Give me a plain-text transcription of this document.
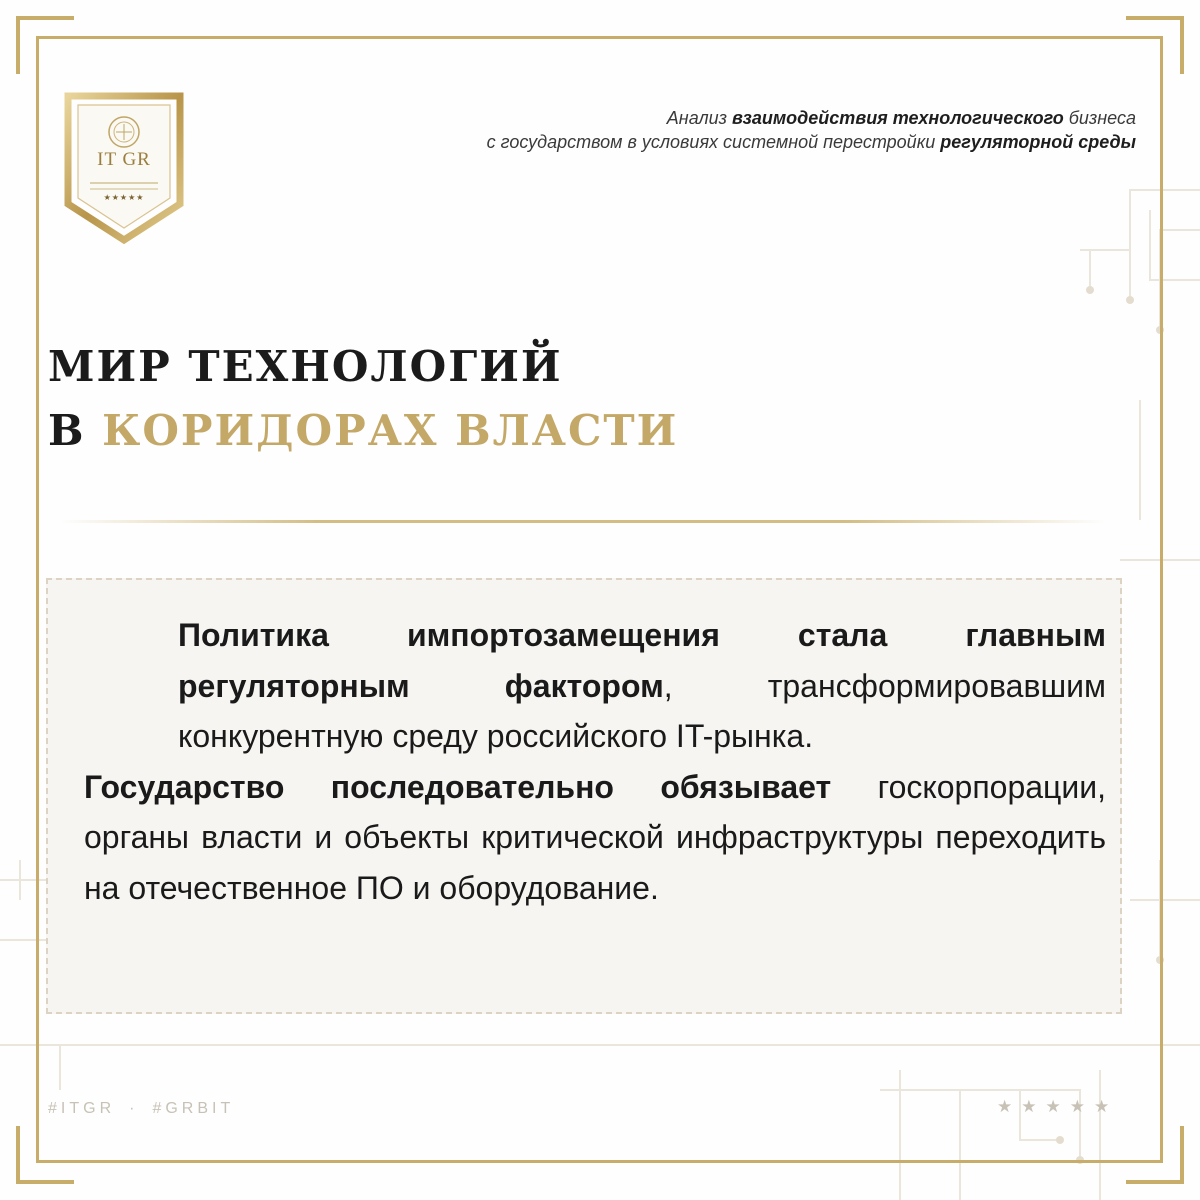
IT GR
★★★★★
Анализ взаимодействия технологического бизнеса
с государством в условиях системной перестройки регуляторной среды
МИР ТЕХНОЛОГИЙ
В КОРИДОРАХ ВЛАСТИ

Политика импортозамещения стала главным регуляторным фактором, трансформировавшим конкурентную среду российского IT-рынка.

Государство последовательно обязывает госкорпорации, органы власти и объекты критической инфраструктуры переходить на отечественное ПО и оборудование.

#ITGR · #GRBIT	★★★★★
